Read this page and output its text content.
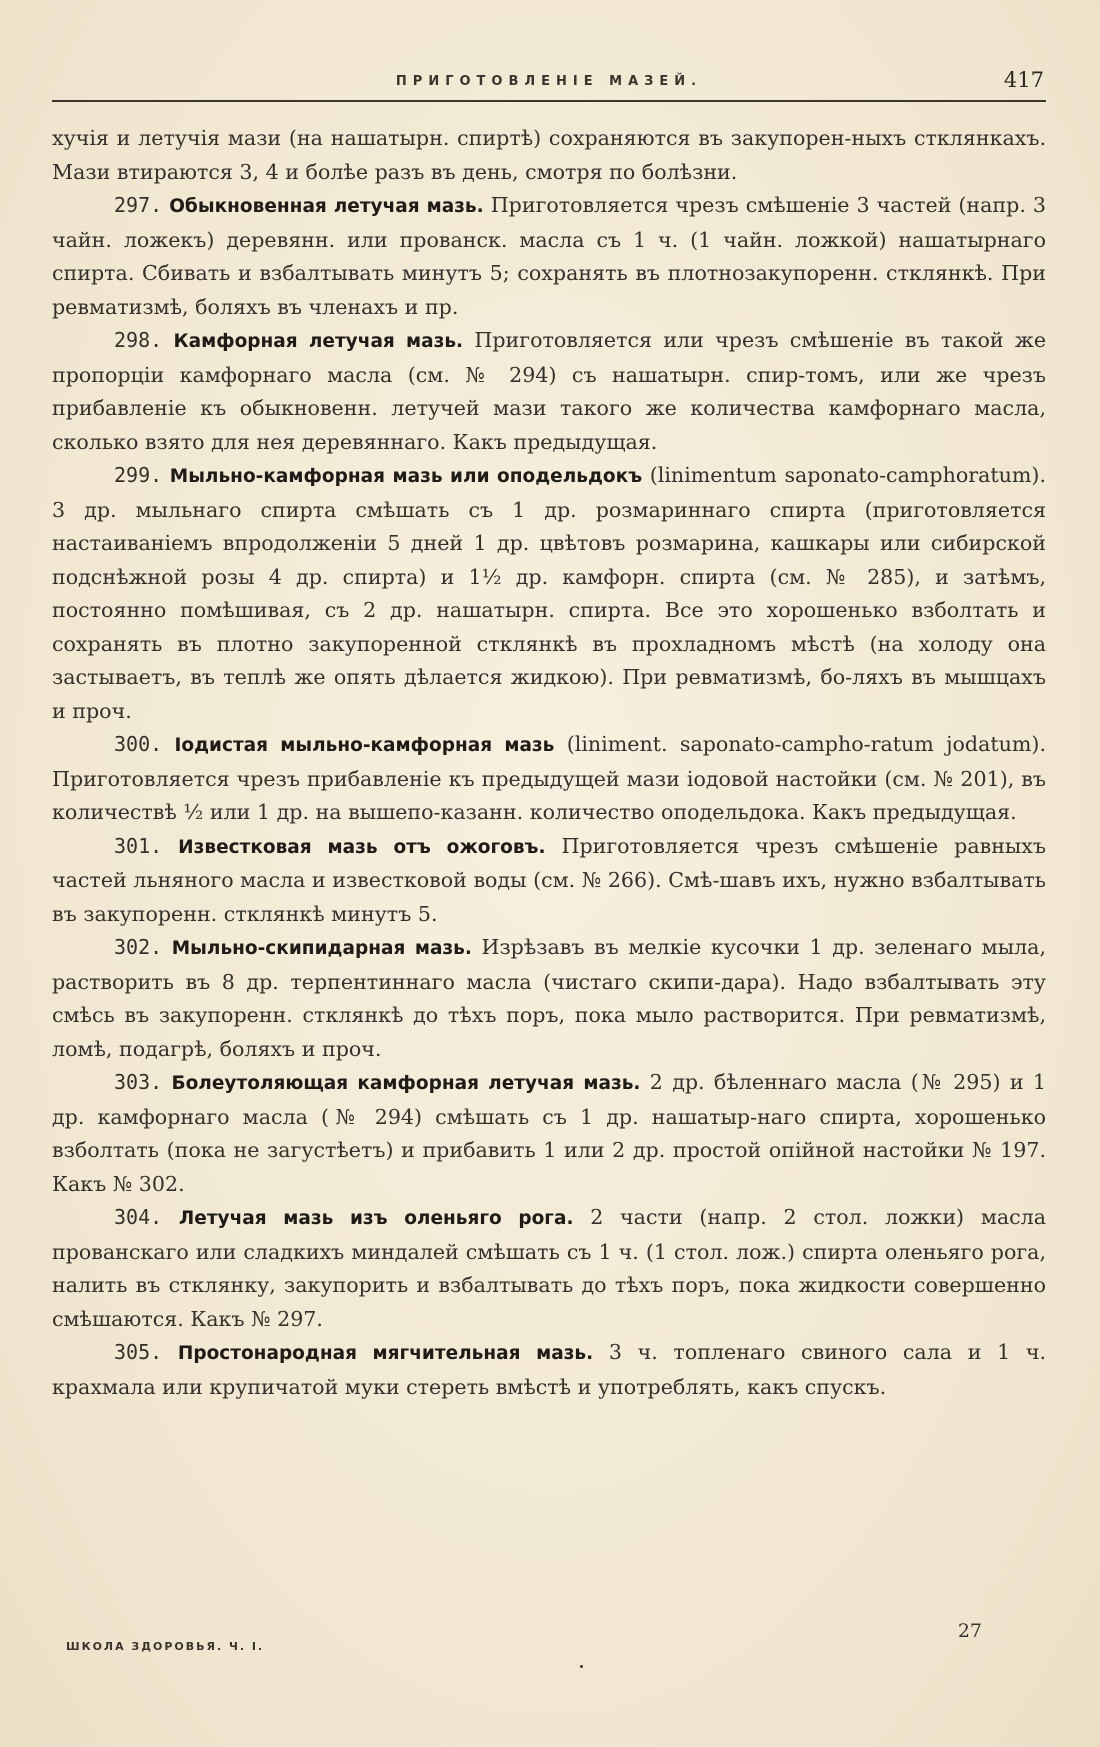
ПРИГОТОВЛЕНІЕ МАЗЕЙ.	417

хучія и летучія мази (на нашатырн. спиртѣ) сохраняются въ закупорен-ныхъ стклянкахъ. Мази втираются 3, 4 и болѣе разъ въ день, смотря по болѣзни.

297. Обыкновенная летучая мазь. Приготовляется чрезъ смѣшеніе 3 частей (напр. 3 чайн. ложекъ) деревянн. или прованск. масла съ 1 ч. (1 чайн. ложкой) нашатырнаго спирта. Сбивать и взбалтывать минутъ 5; сохранять въ плотнозакупоренн. стклянкѣ. При ревматизмѣ, боляхъ въ членахъ и пр.

298. Камфорная летучая мазь. Приготовляется или чрезъ смѣшеніе въ такой же пропорціи камфорнаго масла (см. № 294) съ нашатырн. спир-томъ, или же чрезъ прибавленіе къ обыкновенн. летучей мази такого же количества камфорнаго масла, сколько взято для нея деревяннаго. Какъ предыдущая.

299. Мыльно-камфорная мазь или оподельдокъ (linimentum saponato-camphoratum). 3 др. мыльнаго спирта смѣшать съ 1 др. розмариннаго спирта (приготовляется настаиваніемъ впродолженіи 5 дней 1 др. цвѣтовъ розмарина, кашкары или сибирской подснѣжной розы 4 др. спирта) и 1½ др. камфорн. спирта (см. № 285), и затѣмъ, постоянно помѣшивая, съ 2 др. нашатырн. спирта. Все это хорошенько взболтать и сохранять въ плотно закупоренной стклянкѣ въ прохладномъ мѣстѣ (на холоду она застываетъ, въ теплѣ же опять дѣлается жидкою). При ревматизмѣ, бо-ляхъ въ мышцахъ и проч.

300. Іодистая мыльно-камфорная мазь (liniment. saponato-campho-ratum jodatum). Приготовляется чрезъ прибавленіе къ предыдущей мази іодовой настойки (см. № 201), въ количествѣ ½ или 1 др. на вышепо-казанн. количество оподельдока. Какъ предыдущая.

301. Известковая мазь отъ ожоговъ. Приготовляется чрезъ смѣшеніе равныхъ частей льняного масла и известковой воды (см. № 266). Смѣ-шавъ ихъ, нужно взбалтывать въ закупоренн. стклянкѣ минутъ 5.

302. Мыльно-скипидарная мазь. Изрѣзавъ въ мелкіе кусочки 1 др. зеленаго мыла, растворить въ 8 др. терпентиннаго масла (чистаго скипи-дара). Надо взбалтывать эту смѣсь въ закупоренн. стклянкѣ до тѣхъ поръ, пока мыло растворится. При ревматизмѣ, ломѣ, подагрѣ, боляхъ и проч.

303. Болеутоляющая камфорная летучая мазь. 2 др. бѣленнаго масла (№ 295) и 1 др. камфорнаго масла (№ 294) смѣшать съ 1 др. нашатыр-наго спирта, хорошенько взболтать (пока не загустѣетъ) и прибавить 1 или 2 др. простой опійной настойки № 197. Какъ № 302.

304. Летучая мазь изъ оленьяго рога. 2 части (напр. 2 стол. ложки) масла прованскаго или сладкихъ миндалей смѣшать съ 1 ч. (1 стол. лож.) спирта оленьяго рога, налить въ стклянку, закупорить и взбалтывать до тѣхъ поръ, пока жидкости совершенно смѣшаются. Какъ № 297.

305. Простонародная мягчительная мазь. 3 ч. топленаго свиного сала и 1 ч. крахмала или крупичатой муки стереть вмѣстѣ и употреблять, какъ спускъ.

ШКОЛА ЗДОРОВЬЯ. Ч. I.
27
